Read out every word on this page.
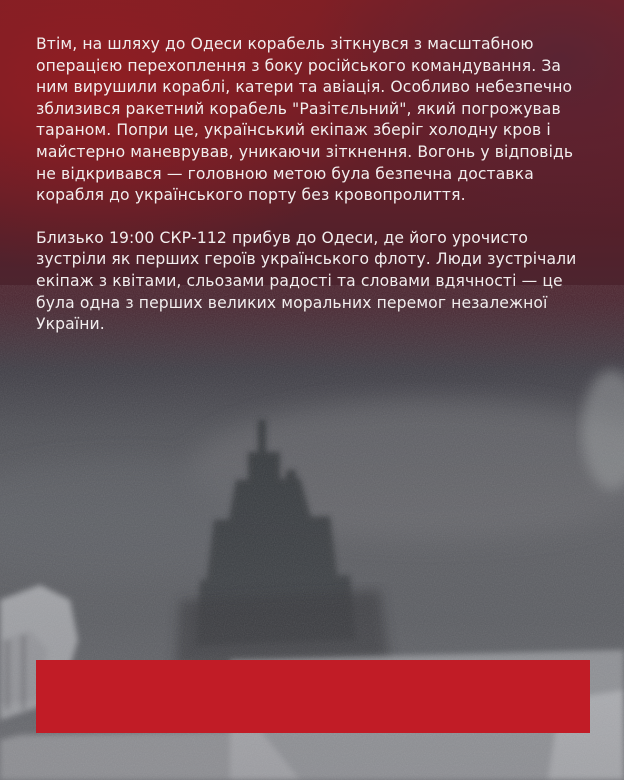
Втім, на шляху до Одеси корабель зіткнувся з масштабною операцією перехоплення з боку російського командування. За ним вирушили кораблі, катери та авіація. Особливо небезпечно зблизився ракетний корабель "Разітєльний", який погрожував тараном. Попри це, український екіпаж зберіг холодну кров і майстерно маневрував, уникаючи зіткнення. Вогонь у відповідь не відкривався — головною метою була безпечна доставка корабля до українського порту без кровопролиття.

Близько 19:00 СКР-112 прибув до Одеси, де його урочисто зустріли як перших героїв українського флоту. Люди зустрічали екіпаж з квітами, сльозами радості та словами вдячності — це була одна з перших великих моральних перемог незалежної України.
